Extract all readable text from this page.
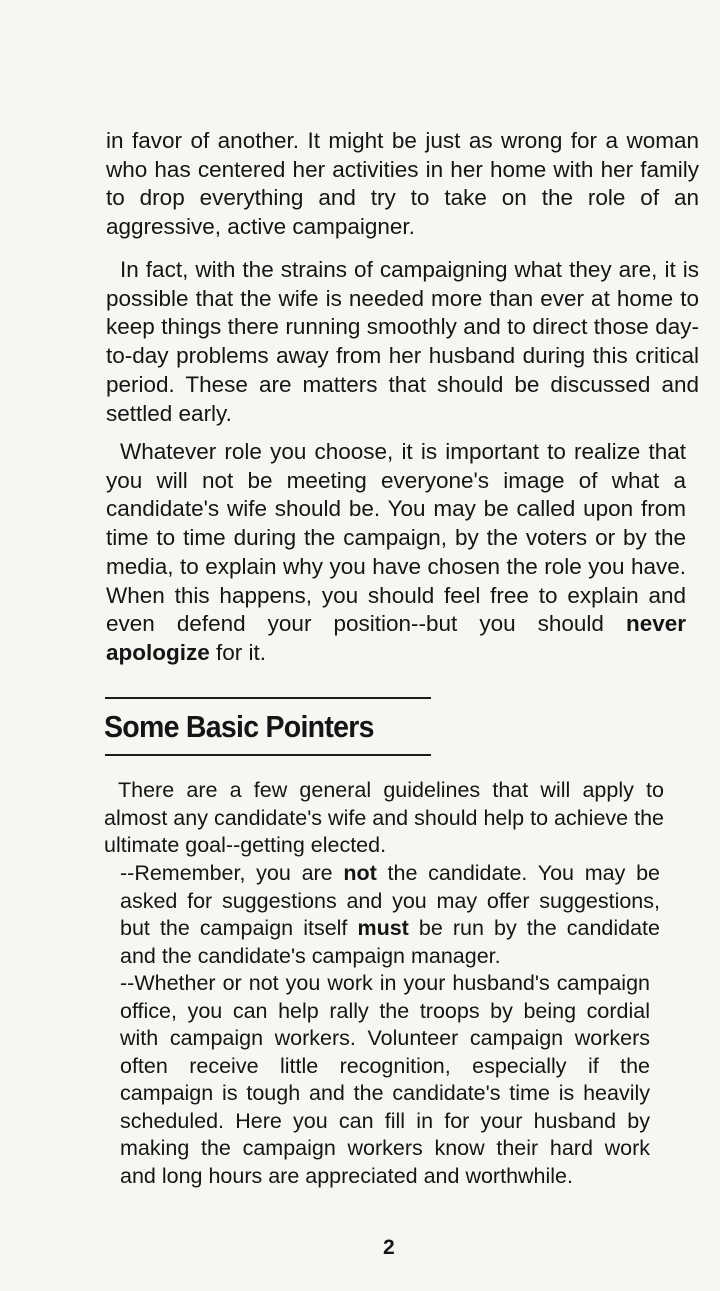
in favor of another. It might be just as wrong for a woman who has centered her activities in her home with her family to drop everything and try to take on the role of an aggressive, active campaigner.

In fact, with the strains of campaigning what they are, it is possible that the wife is needed more than ever at home to keep things there running smoothly and to direct those day-to-day problems away from her husband during this critical period. These are matters that should be discussed and settled early.

Whatever role you choose, it is important to realize that you will not be meeting everyone's image of what a candidate's wife should be. You may be called upon from time to time during the campaign, by the voters or by the media, to explain why you have chosen the role you have. When this happens, you should feel free to explain and even defend your position--but you should never apologize for it.

Some Basic Pointers

There are a few general guidelines that will apply to almost any candidate's wife and should help to achieve the ultimate goal--getting elected.

--Remember, you are not the candidate. You may be asked for suggestions and you may offer suggestions, but the campaign itself must be run by the candidate and the candidate's campaign manager.

--Whether or not you work in your husband's campaign office, you can help rally the troops by being cordial with campaign workers. Volunteer campaign workers often receive little recognition, especially if the campaign is tough and the candidate's time is heavily scheduled. Here you can fill in for your husband by making the campaign workers know their hard work and long hours are appreciated and worthwhile.

2
